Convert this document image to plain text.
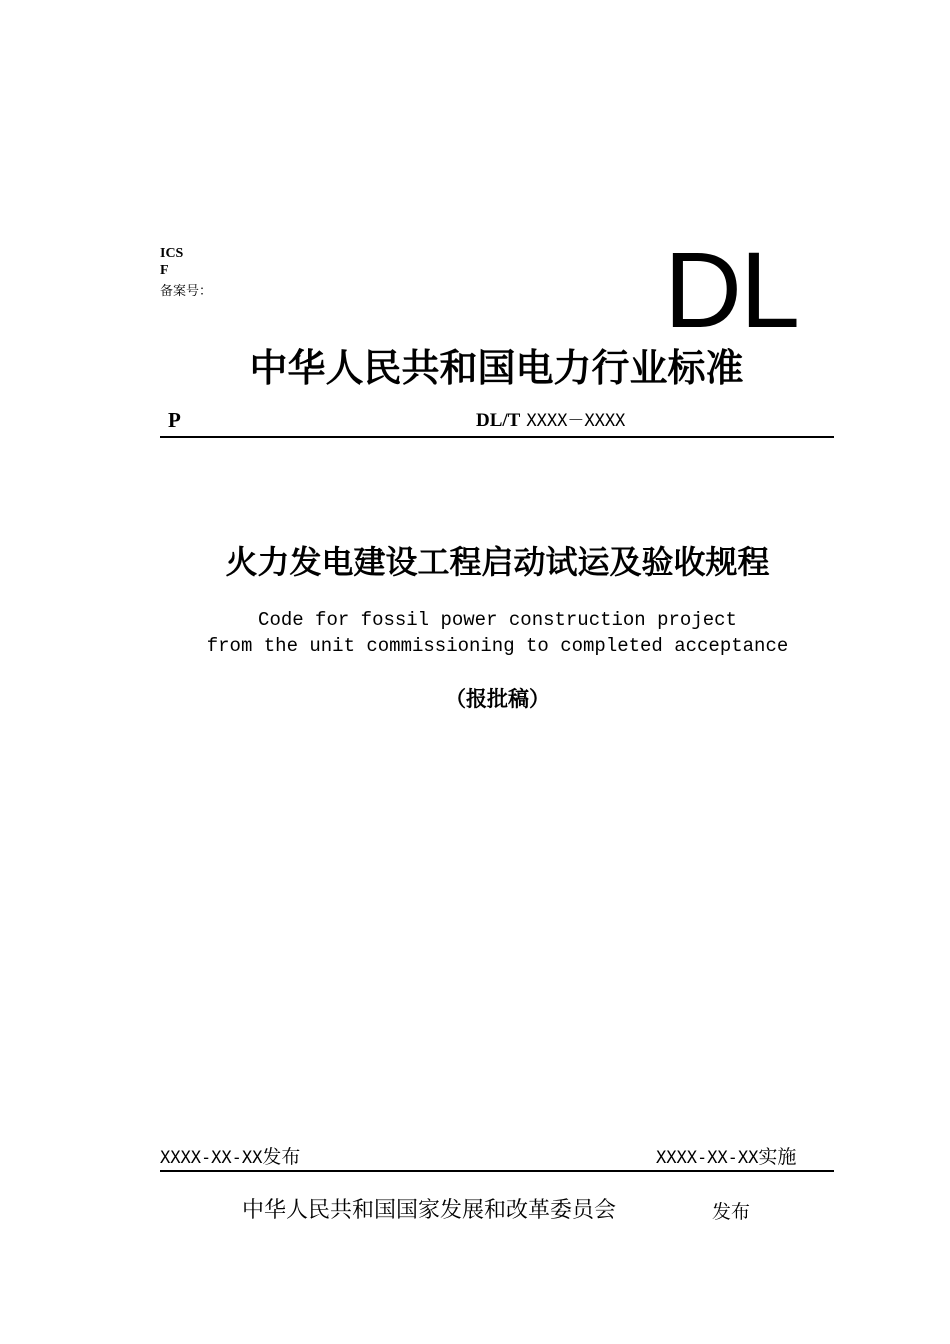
ICS
F
备案号：	DL
中华人民共和国电力行业标准
P	DL/T XXXX－XXXX
火力发电建设工程启动试运及验收规程
Code for fossil power construction project
from the unit commissioning to completed acceptance
（报批稿）
XXXX-XX-XX发布	XXXX-XX-XX实施
中华人民共和国国家发展和改革委员会	发布
